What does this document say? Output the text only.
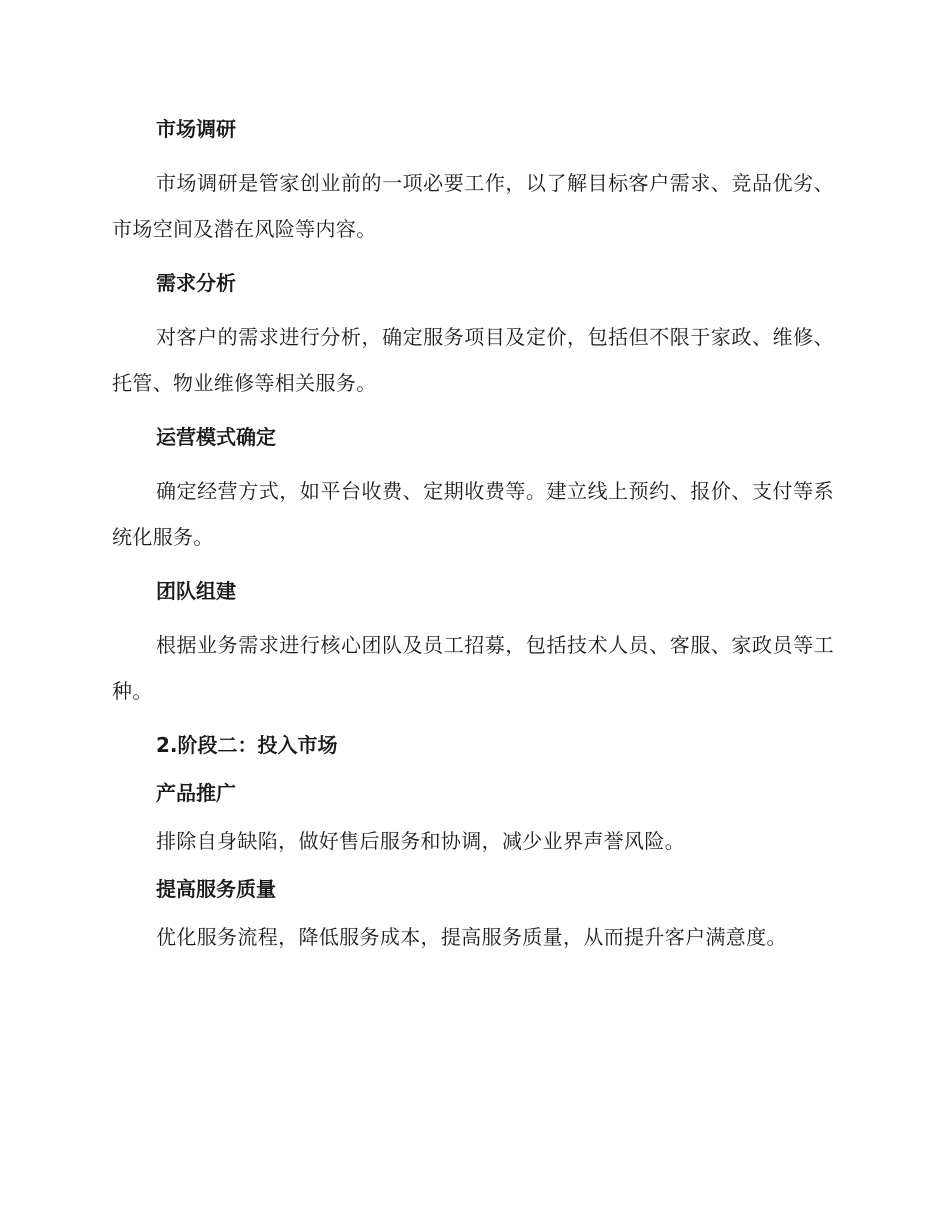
市场调研
市场调研是管家创业前的一项必要工作，以了解目标客户需求、竞品优劣、市场空间及潜在风险等内容。
需求分析
对客户的需求进行分析，确定服务项目及定价，包括但不限于家政、维修、托管、物业维修等相关服务。
运营模式确定
确定经营方式，如平台收费、定期收费等。建立线上预约、报价、支付等系统化服务。
团队组建
根据业务需求进行核心团队及员工招募，包括技术人员、客服、家政员等工种。
2.阶段二：投入市场
产品推广
排除自身缺陷，做好售后服务和协调，减少业界声誉风险。
提高服务质量
优化服务流程，降低服务成本，提高服务质量，从而提升客户满意度。
